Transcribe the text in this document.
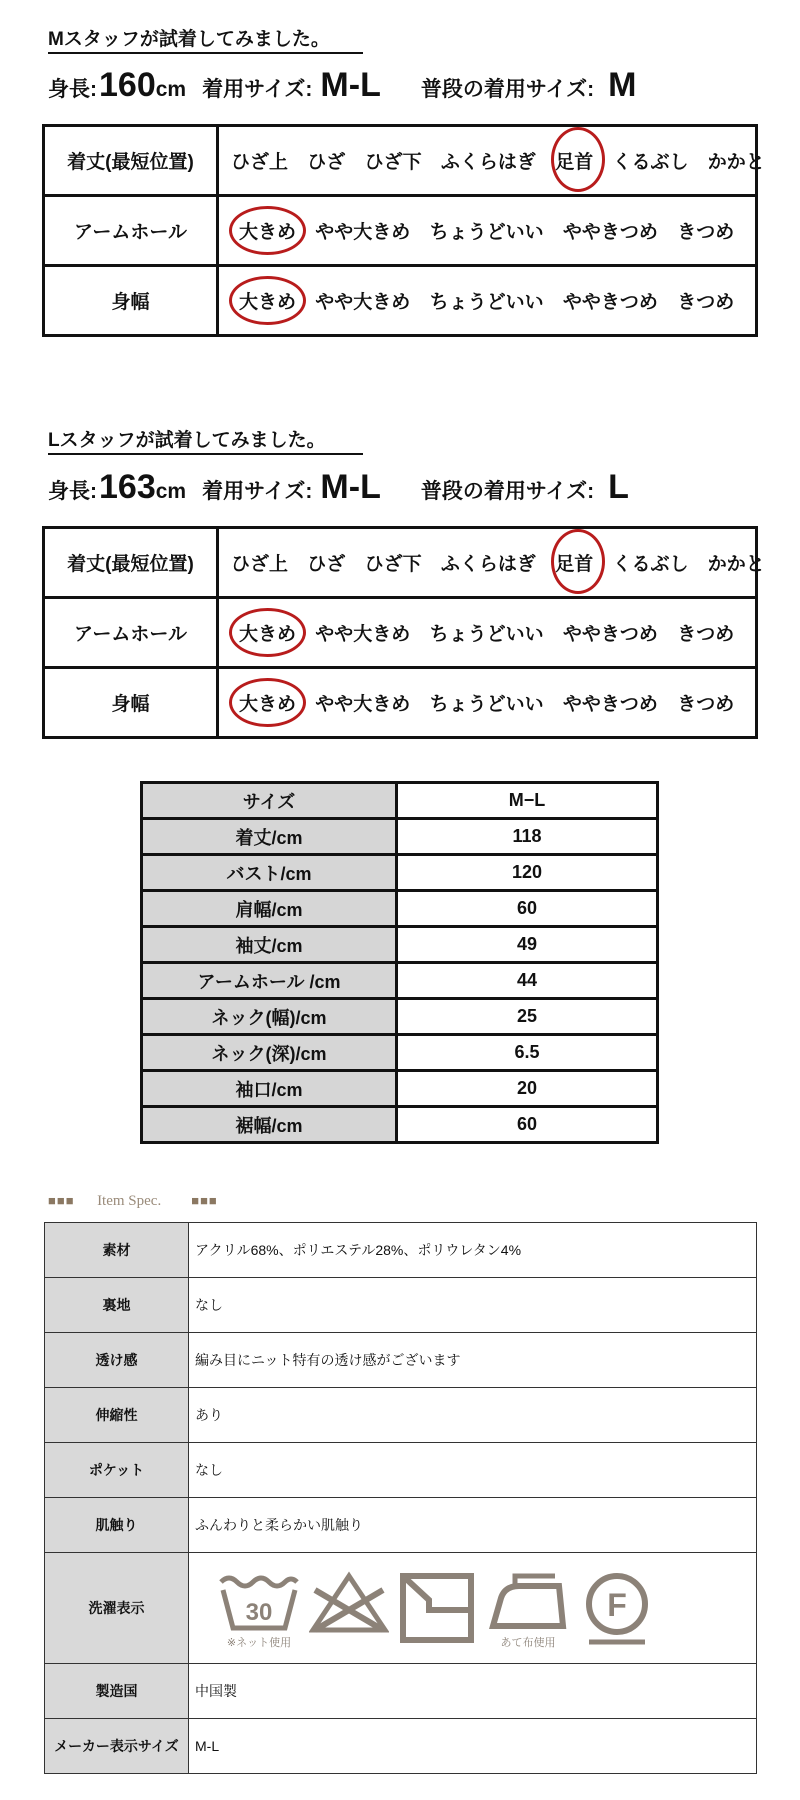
Mスタッフが試着してみました。
身長: 160 cm 着用サイズ: M-L 普段の着用サイズ: M
着丈(最短位置)	ひざ上 ひざ ひざ下 ふくらはぎ 足首 くるぶし かかと
アームホール	大きめ やや大きめ ちょうどいい ややきつめ きつめ
身幅	大きめ やや大きめ ちょうどいい ややきつめ きつめ
Lスタッフが試着してみました。
身長: 163 cm 着用サイズ: M-L 普段の着用サイズ: L
着丈(最短位置)	ひざ上 ひざ ひざ下 ふくらはぎ 足首 くるぶし かかと
アームホール	大きめ やや大きめ ちょうどいい ややきつめ きつめ
身幅	大きめ やや大きめ ちょうどいい ややきつめ きつめ
サイズ	M−L
着丈/cm	118
バスト/cm	120
肩幅/cm	60
袖丈/cm	49
アームホール /cm	44
ネック(幅)/cm	25
ネック(深)/cm	6.5
袖口/cm	20
裾幅/cm	60
■■■ Item Spec. ■■■
素材	アクリル68%、ポリエステル28%、ポリウレタン4%
裏地	なし
透け感	編み目にニット特有の透け感がございます
伸縮性	あり
ポケット	なし
肌触り	ふんわりと柔らかい肌触り
洗濯表示	30
※ネット使用 あて布使用
F

製造国	中国製
メーカー表示サイズ	M-L
